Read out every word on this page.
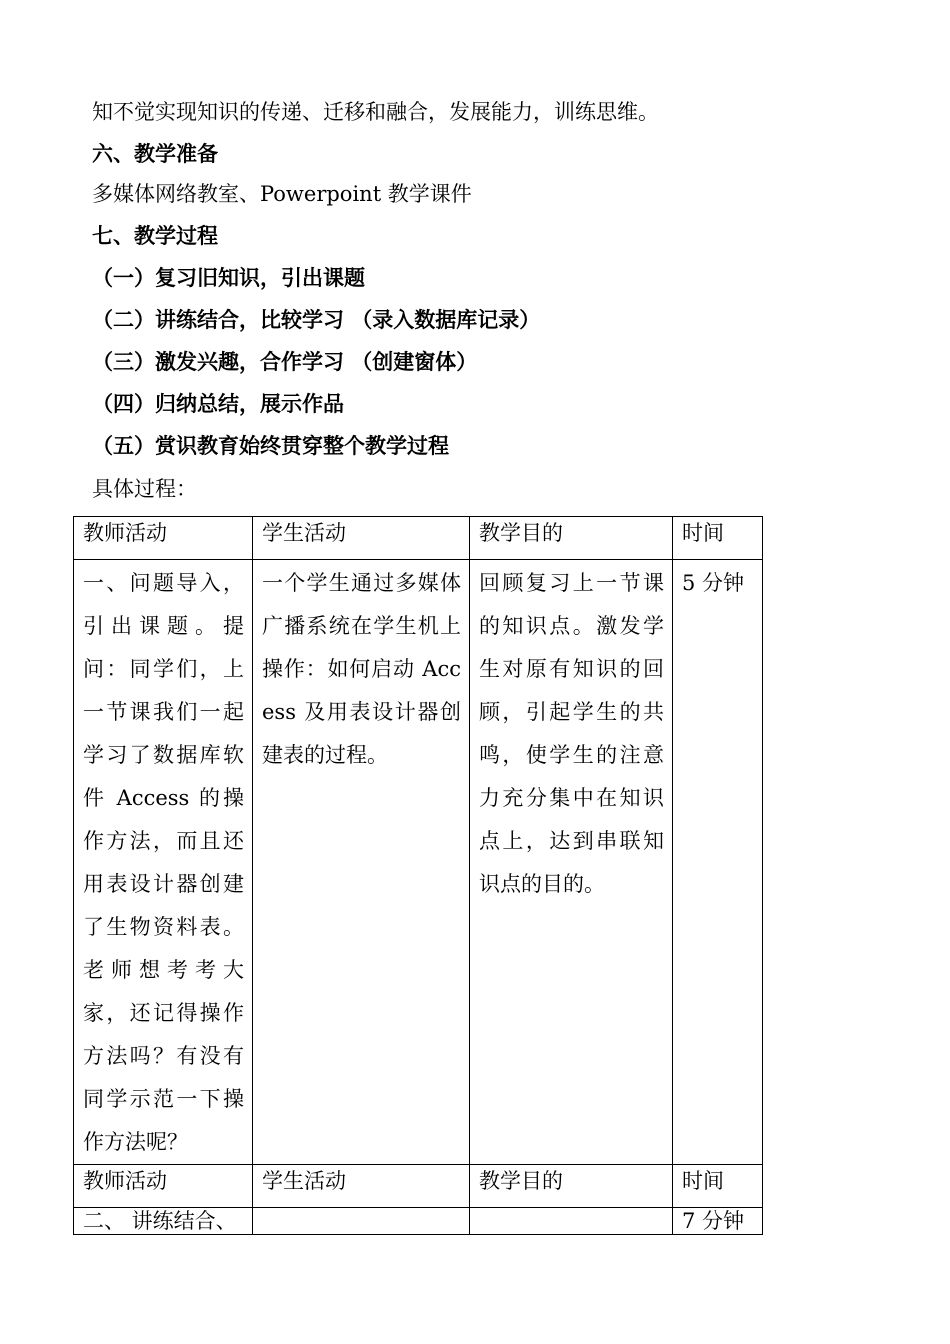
知不觉实现知识的传递、迁移和融合，发展能力，训练思维。
六、教学准备
多媒体网络教室、Powerpoint 教学课件
七、教学过程
（一）复习旧知识，引出课题
（二）讲练结合，比较学习 （录入数据库记录）
（三）激发兴趣，合作学习 （创建窗体）
（四）归纳总结，展示作品
（五）赏识教育始终贯穿整个教学过程
具体过程：
教师活动	学生活动	教学目的	时间
一、问题导入，引出课题。提问：同学们，上一节课我们一起学习了数据库软件 Access 的操作方法，而且还用表设计器创建了生物资料表。老师想考考大家，还记得操作方法吗？有没有同学示范一下操作方法呢？	一个学生通过多媒体广播系统在学生机上操作：如何启动 Access 及用表设计器创建表的过程。	回顾复习上一节课的知识点。激发学生对原有知识的回顾，引起学生的共鸣，使学生的注意力充分集中在知识点上，达到串联知识点的目的。	5 分钟
教师活动	学生活动	教学目的	时间
二、 讲练结合、			7 分钟
